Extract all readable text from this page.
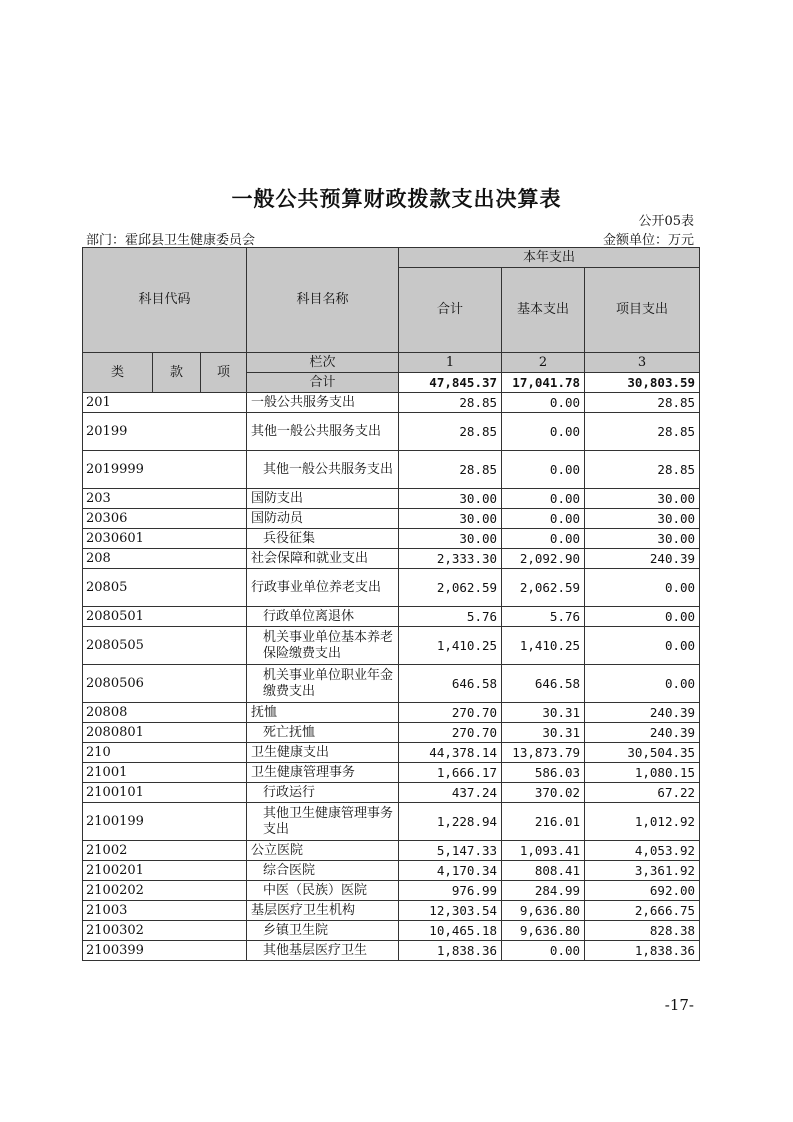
一般公共预算财政拨款支出决算表
公开05表
部门：霍邱县卫生健康委员会	金额单位：万元
科目代码			科目名称	本年支出		
				合计	基本支出	项目支出

类	款	项	栏次	1	2	3
			合计	47,845.37	17,041.78	30,803.59
201			一般公共服务支出	28.85	0.00	28.85
20199			其他一般公共服务支出	28.85	0.00	28.85
2019999			其他一般公共服务支出	28.85	0.00	28.85
203			国防支出	30.00	0.00	30.00
20306			国防动员	30.00	0.00	30.00
2030601			兵役征集	30.00	0.00	30.00
208			社会保障和就业支出	2,333.30	2,092.90	240.39
20805			行政事业单位养老支出	2,062.59	2,062.59	0.00
2080501			行政单位离退休	5.76	5.76	0.00
2080505			机关事业单位基本养老保险缴费支出	1,410.25	1,410.25	0.00
2080506			机关事业单位职业年金缴费支出	646.58	646.58	0.00
20808			抚恤	270.70	30.31	240.39
2080801			死亡抚恤	270.70	30.31	240.39
210			卫生健康支出	44,378.14	13,873.79	30,504.35
21001			卫生健康管理事务	1,666.17	586.03	1,080.15
2100101			行政运行	437.24	370.02	67.22
2100199			其他卫生健康管理事务支出	1,228.94	216.01	1,012.92
21002			公立医院	5,147.33	1,093.41	4,053.92
2100201			综合医院	4,170.34	808.41	3,361.92
2100202			中医（民族）医院	976.99	284.99	692.00
21003			基层医疗卫生机构	12,303.54	9,636.80	2,666.75
2100302			乡镇卫生院	10,465.18	9,636.80	828.38
2100399			其他基层医疗卫生	1,838.36	0.00	1,838.36
-17-
